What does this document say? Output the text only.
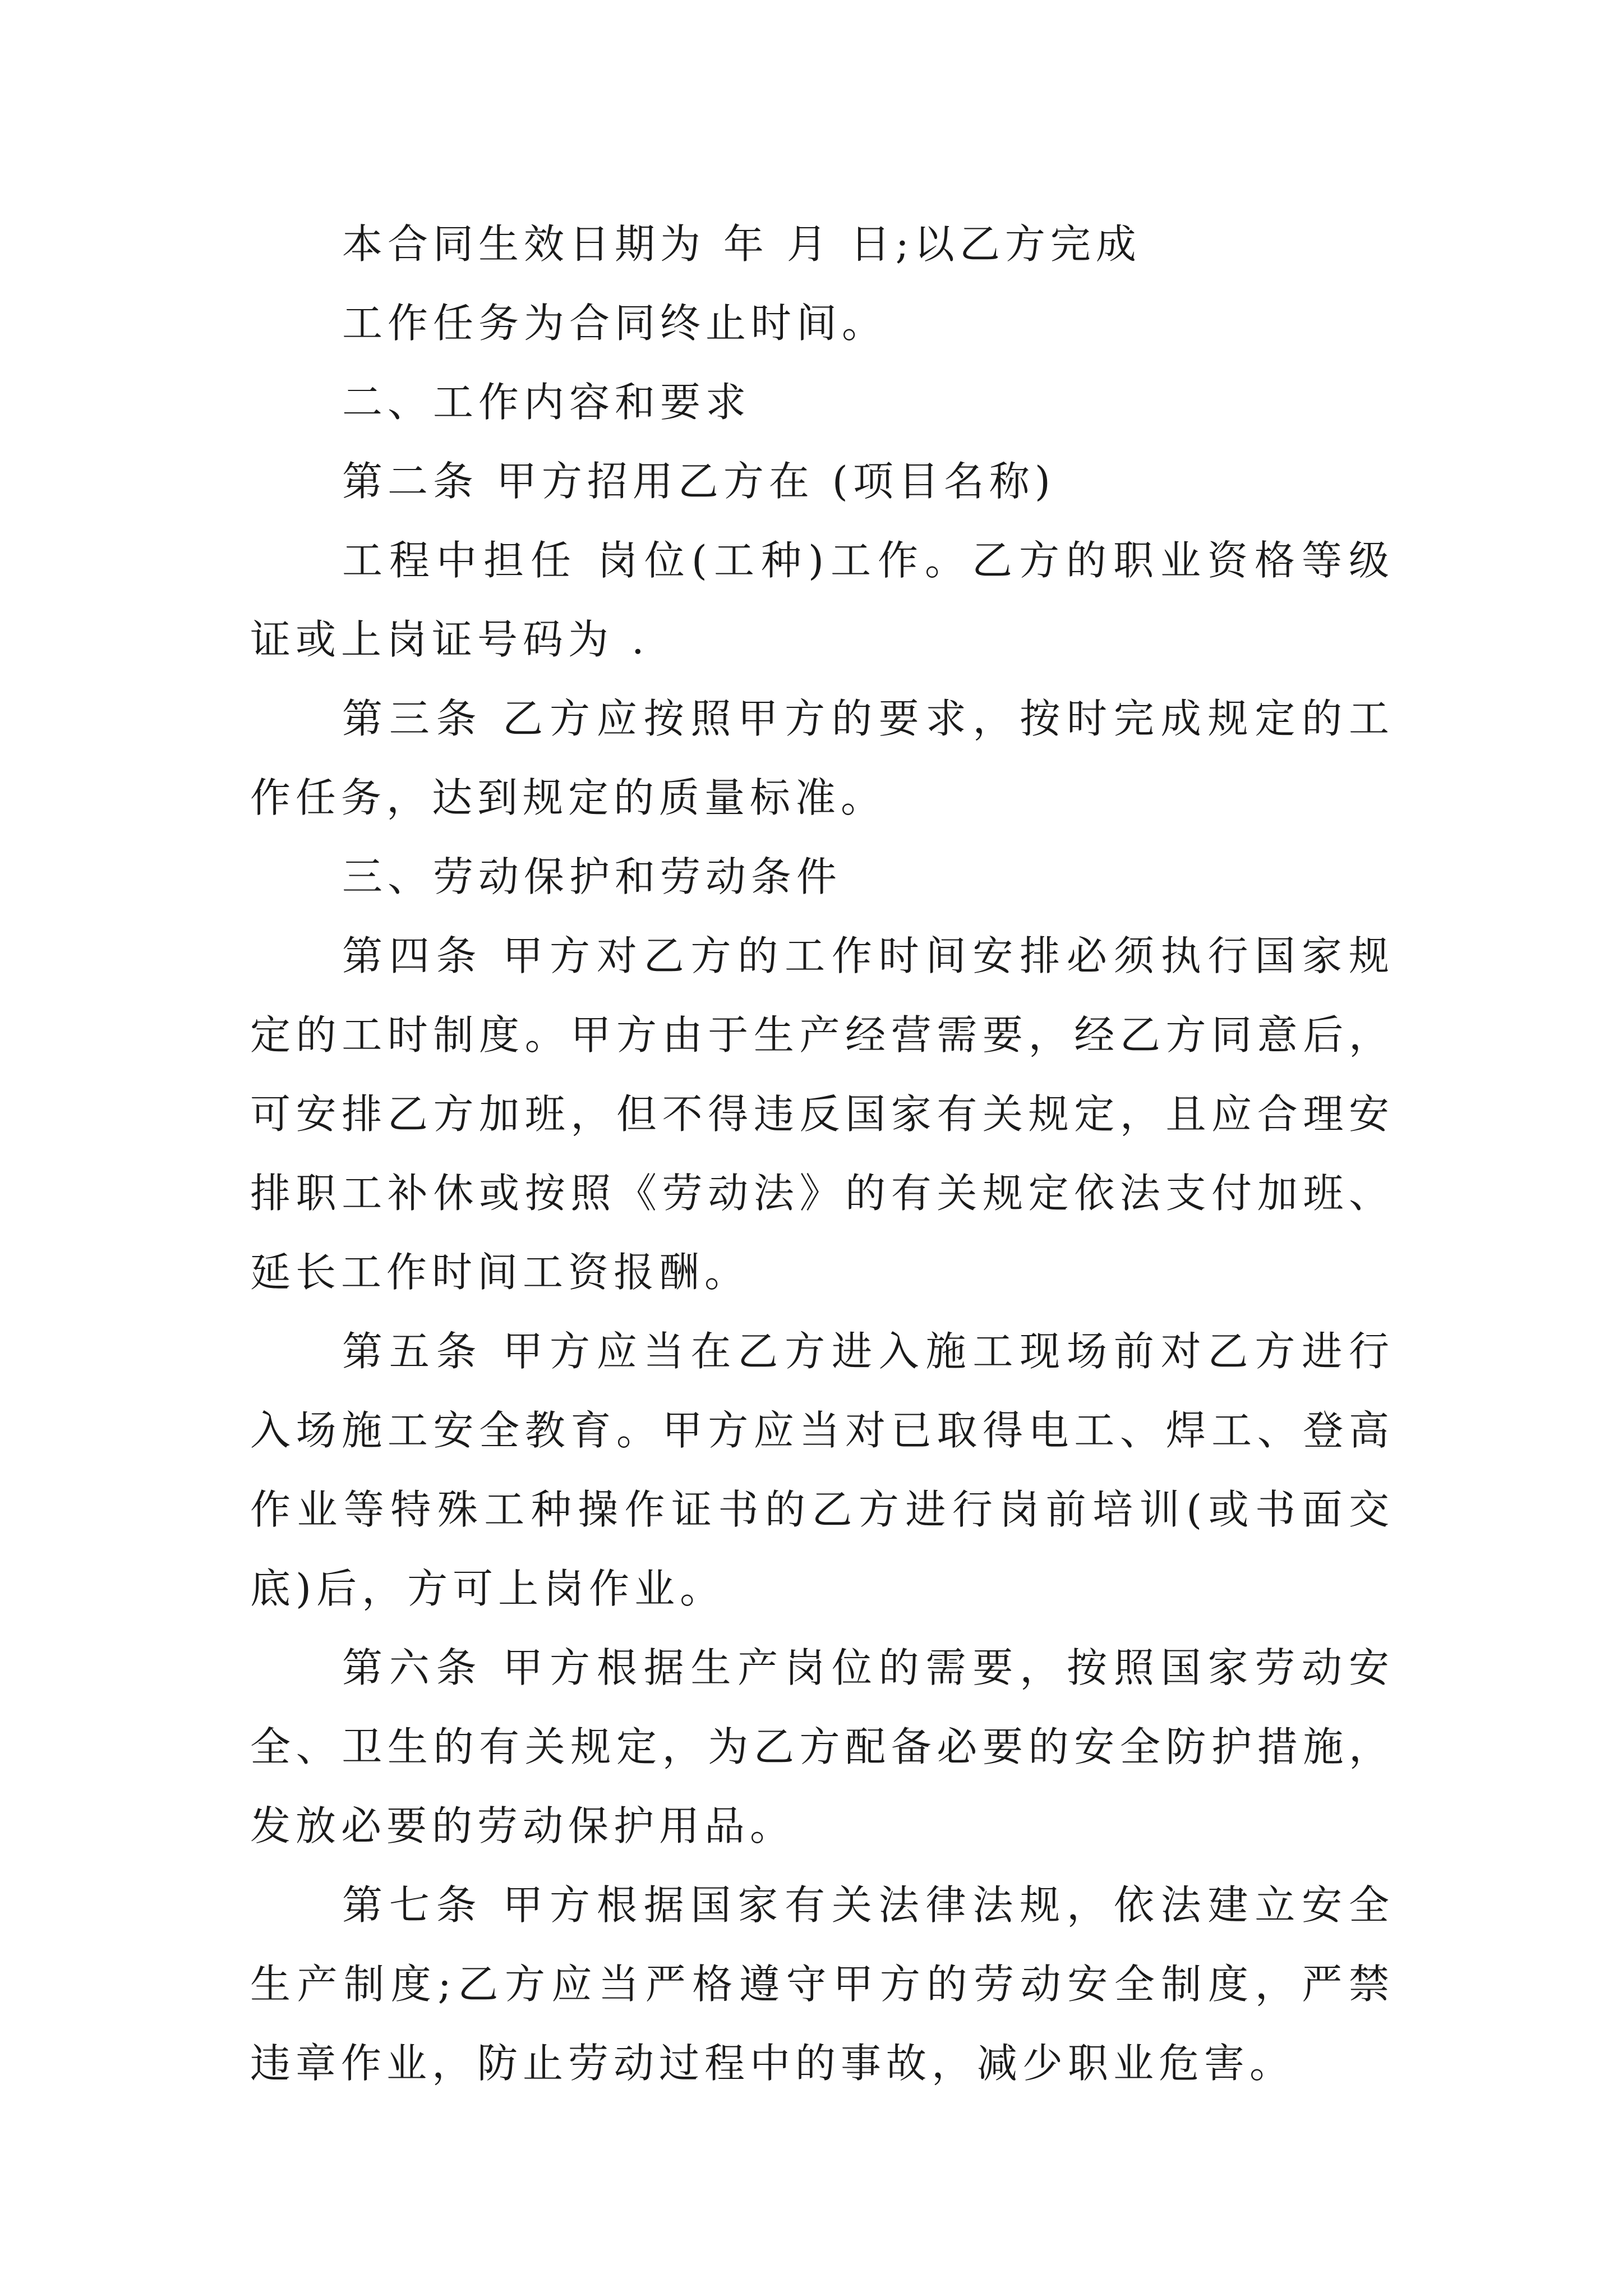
本合同生效日期为 年 月 日;以乙方完成

工作任务为合同终止时间。

二、工作内容和要求

第二条 甲方招用乙方在 (项目名称)

工程中担任 岗位(工种)工作。乙方的职业资格等级证或上岗证号码为 .

第三条 乙方应按照甲方的要求，按时完成规定的工作任务，达到规定的质量标准。

三、劳动保护和劳动条件

第四条 甲方对乙方的工作时间安排必须执行国家规定的工时制度。甲方由于生产经营需要，经乙方同意后，可安排乙方加班，但不得违反国家有关规定，且应合理安排职工补休或按照《劳动法》的有关规定依法支付加班、延长工作时间工资报酬。

第五条 甲方应当在乙方进入施工现场前对乙方进行入场施工安全教育。甲方应当对已取得电工、焊工、登高作业等特殊工种操作证书的乙方进行岗前培训(或书面交底)后，方可上岗作业。

第六条 甲方根据生产岗位的需要，按照国家劳动安全、卫生的有关规定，为乙方配备必要的安全防护措施，发放必要的劳动保护用品。

第七条 甲方根据国家有关法律法规，依法建立安全生产制度;乙方应当严格遵守甲方的劳动安全制度，严禁违章作业，防止劳动过程中的事故，减少职业危害。
